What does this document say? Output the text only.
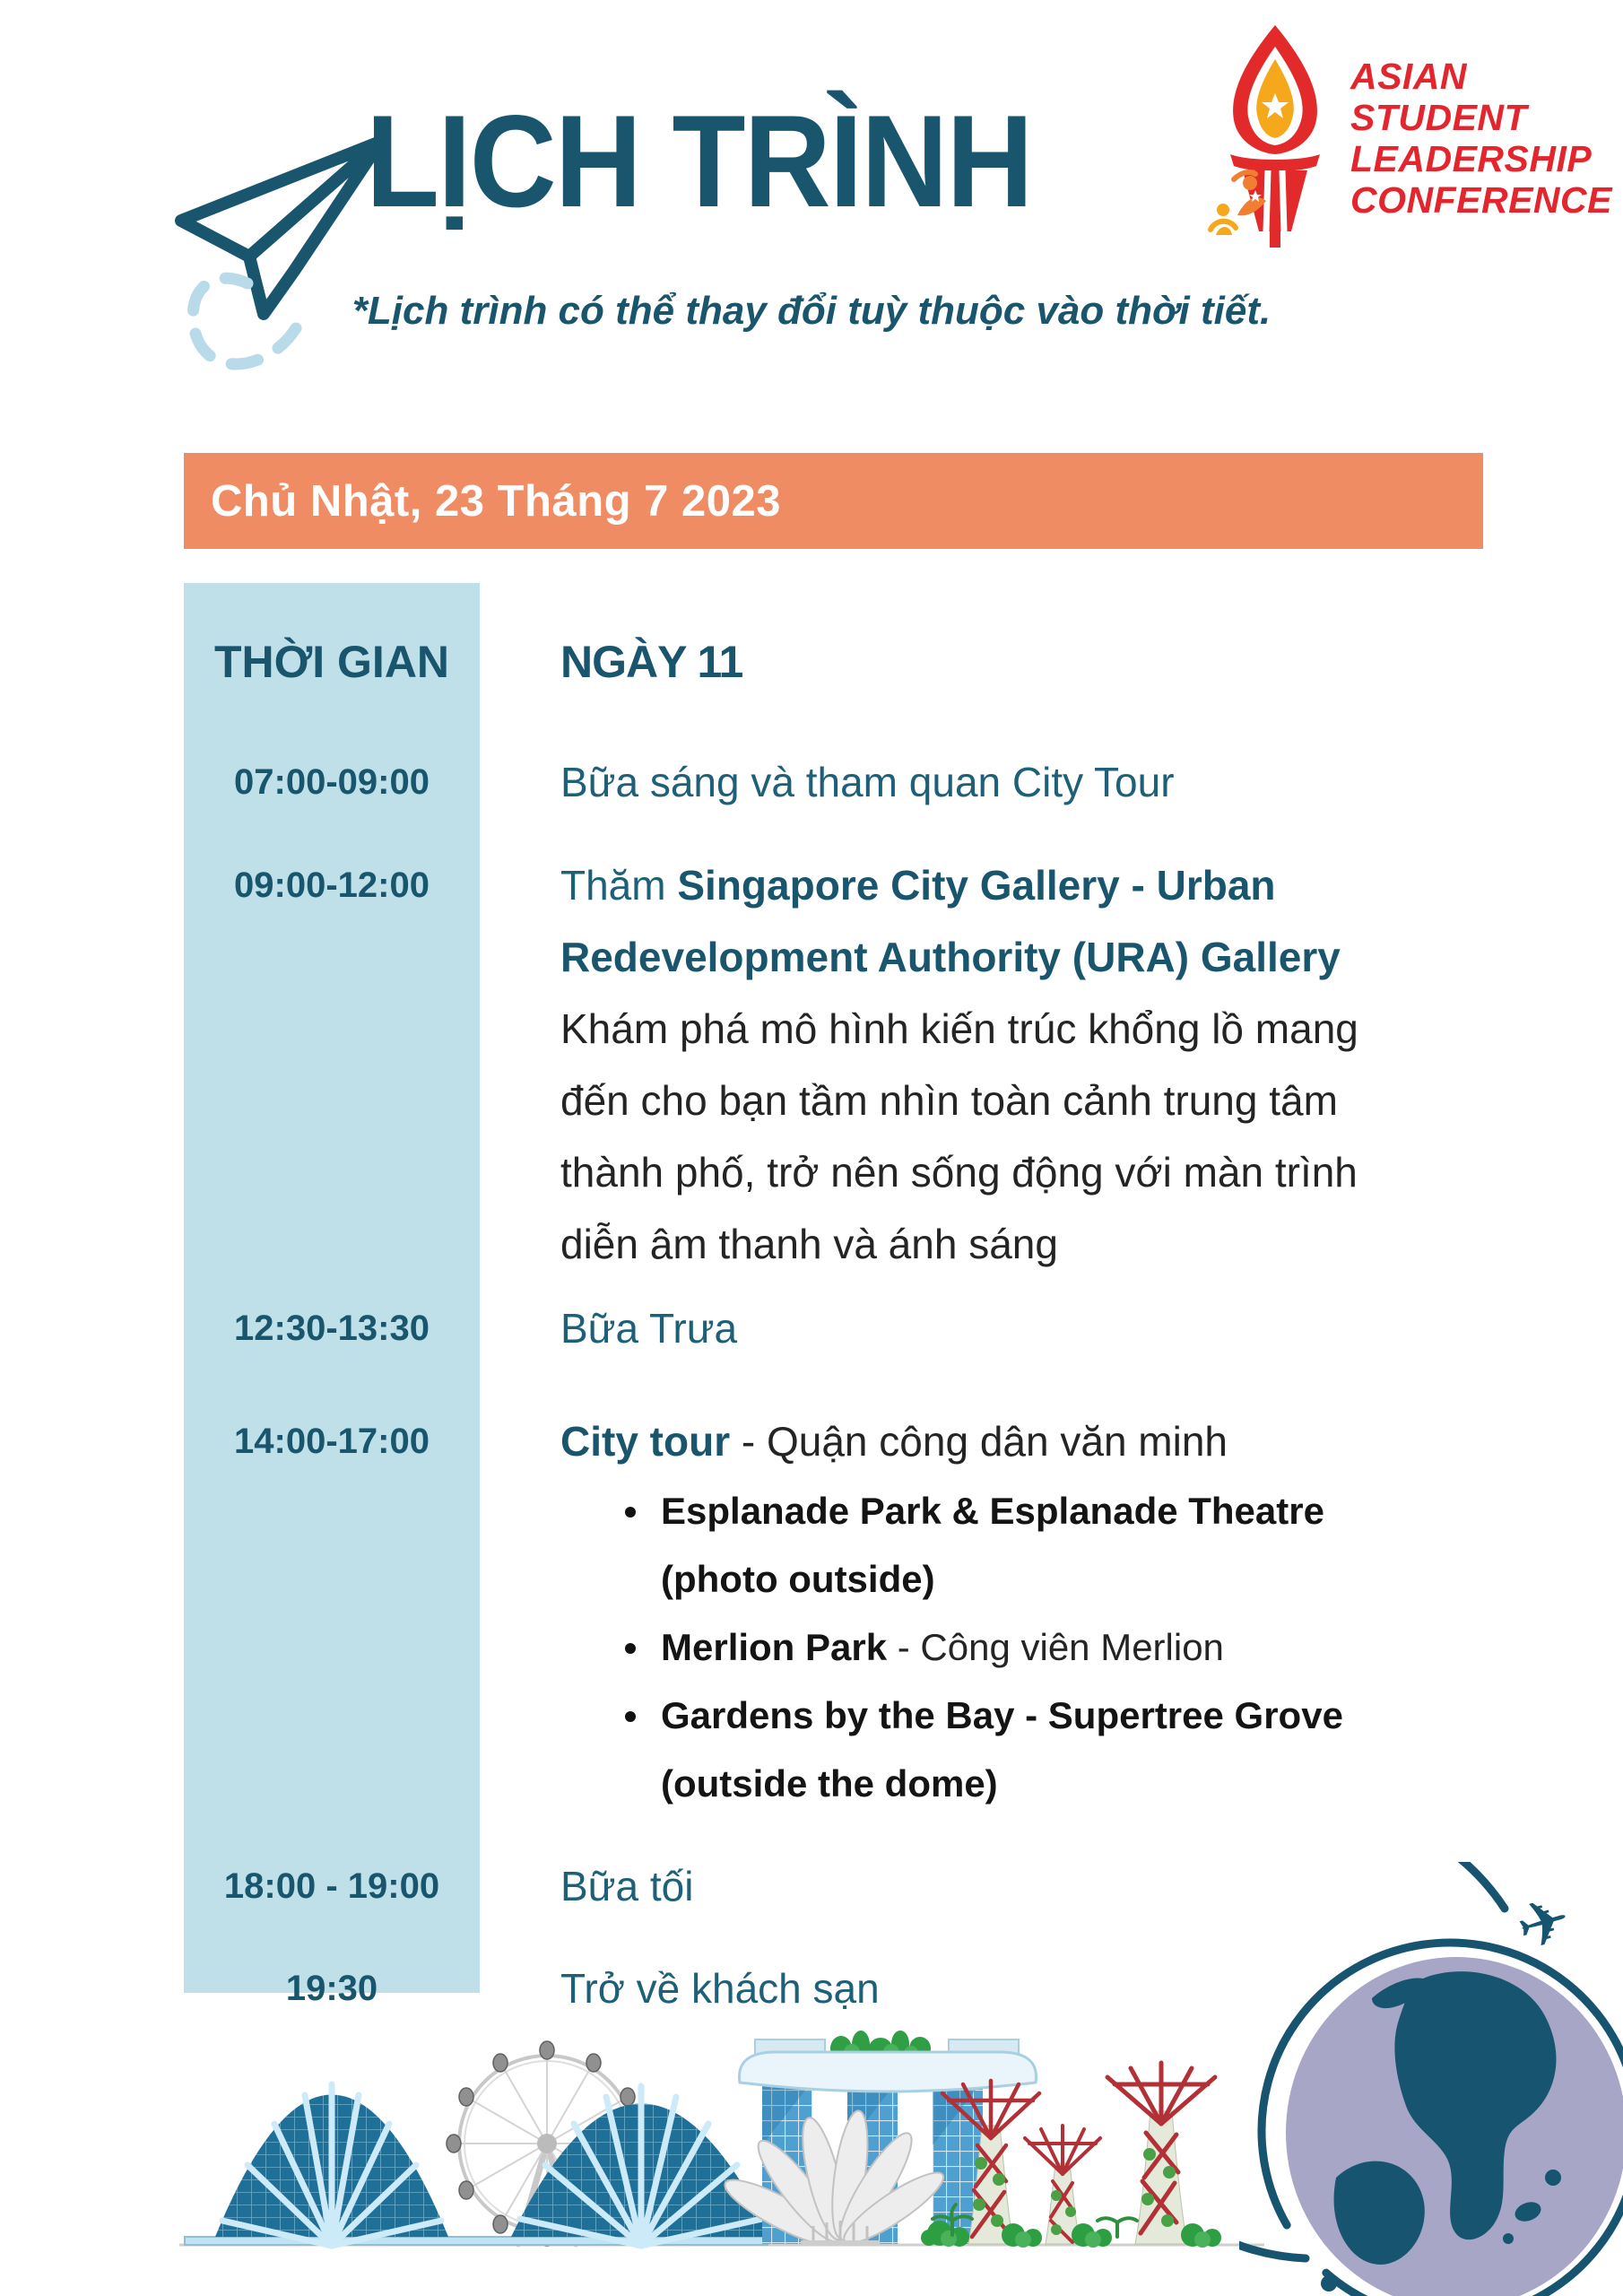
LỊCH TRÌNH
ASIAN
STUDENT
LEADERSHIP
CONFERENCE
*Lịch trình có thể thay đổi tuỳ thuộc vào thời tiết.
Chủ Nhật, 23 Tháng 7 2023
THỜI GIAN	NGÀY 11
07:00-09:00	Bữa sáng và tham quan City Tour
09:00-12:00	Thăm Singapore City Gallery - Urban Redevelopment Authority (URA) Gallery
Khám phá mô hình kiến trúc khổng lồ mang đến cho bạn tầm nhìn toàn cảnh trung tâm thành phố, trở nên sống động với màn trình diễn âm thanh và ánh sáng
12:30-13:30	Bữa Trưa
14:00-17:00	City tour - Quận công dân văn minh
Esplanade Park & Esplanade Theatre (photo outside)
Merlion Park - Công viên Merlion
Gardens by the Bay - Supertree Grove (outside the dome)
18:00 - 19:00	Bữa tối
19:30	Trở về khách sạn
✈
